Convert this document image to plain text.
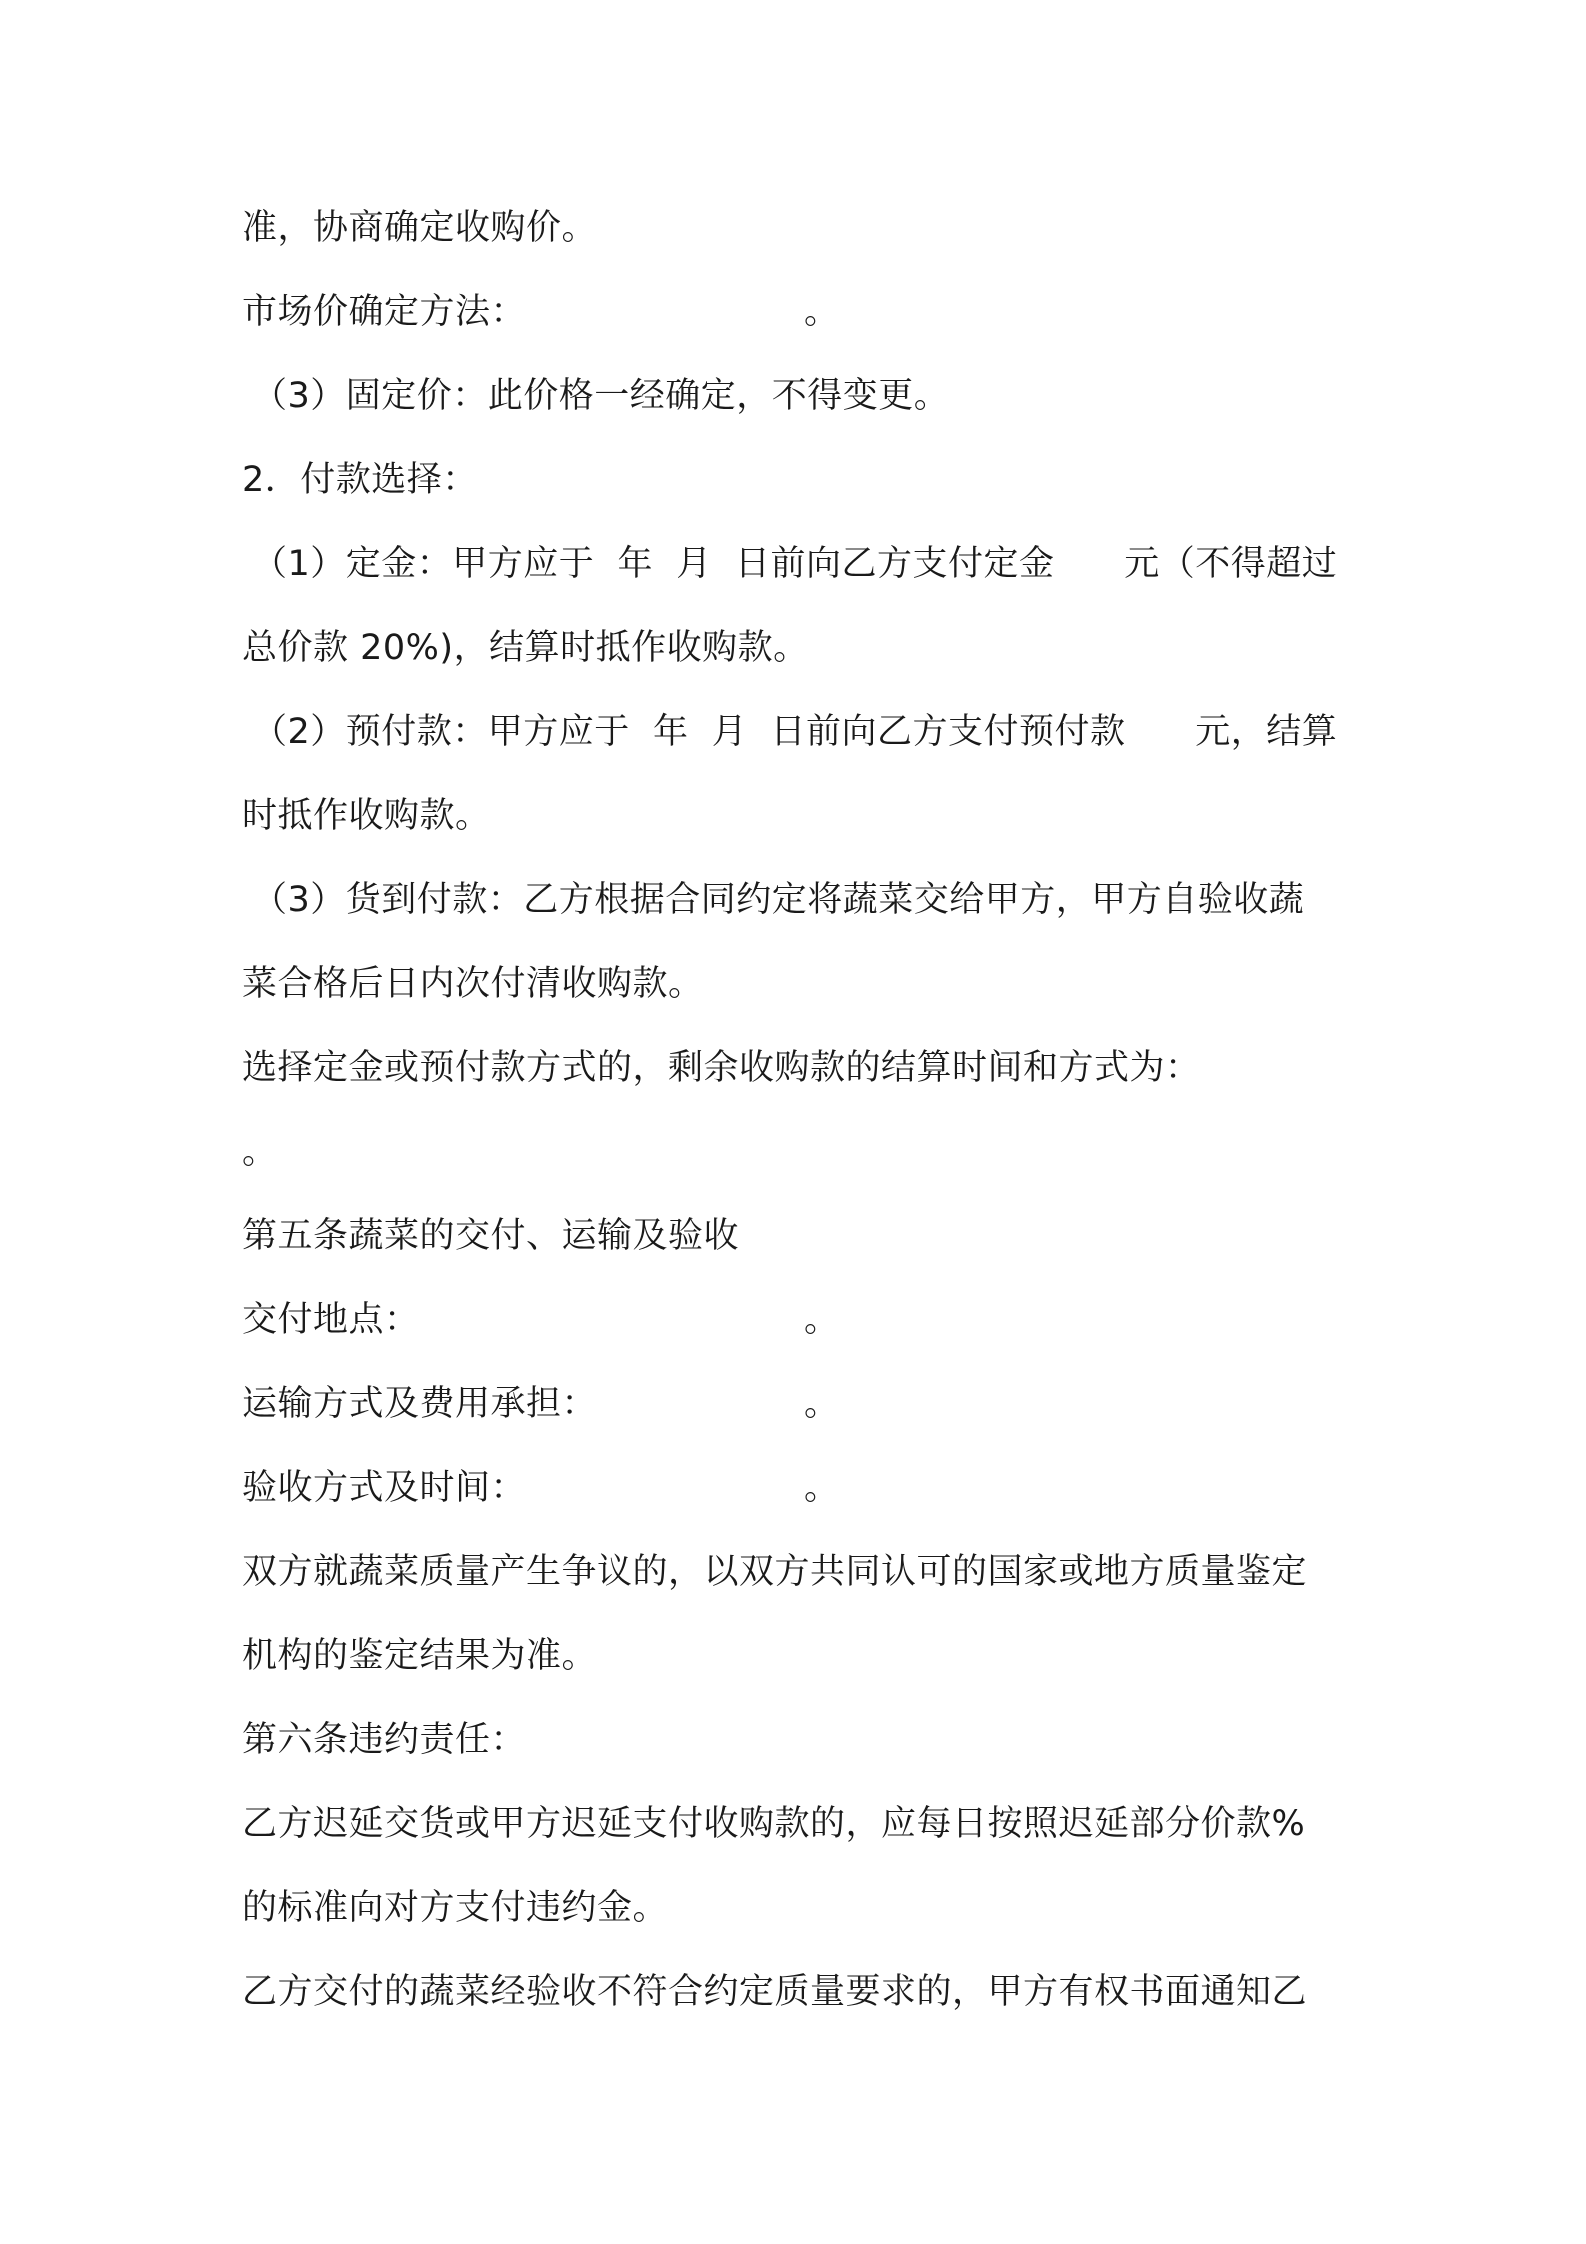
准，协商确定收购价。

市场价确定方法：

	。

（3）固定价：此价格一经确定，不得变更。
2．付款选择：
（1）定金：甲方应于  年  月  日前向乙方支付定金      元（不得超过
总价款 20%)，结算时抵作收购款。
（2）预付款：甲方应于  年  月  日前向乙方支付预付款      元，结算
时抵作收购款。
（3）货到付款：乙方根据合同约定将蔬菜交给甲方，甲方自验收蔬
菜合格后日内次付清收购款。
选择定金或预付款方式的，剩余收购款的结算时间和方式为：
。
第五条蔬菜的交付、运输及验收

交付地点：

	。

运输方式及费用承担：

	。

验收方式及时间：

	。

双方就蔬菜质量产生争议的，以双方共同认可的国家或地方质量鉴定
机构的鉴定结果为准。
第六条违约责任：
乙方迟延交货或甲方迟延支付收购款的，应每日按照迟延部分价款%
的标准向对方支付违约金。
乙方交付的蔬菜经验收不符合约定质量要求的，甲方有权书面通知乙
